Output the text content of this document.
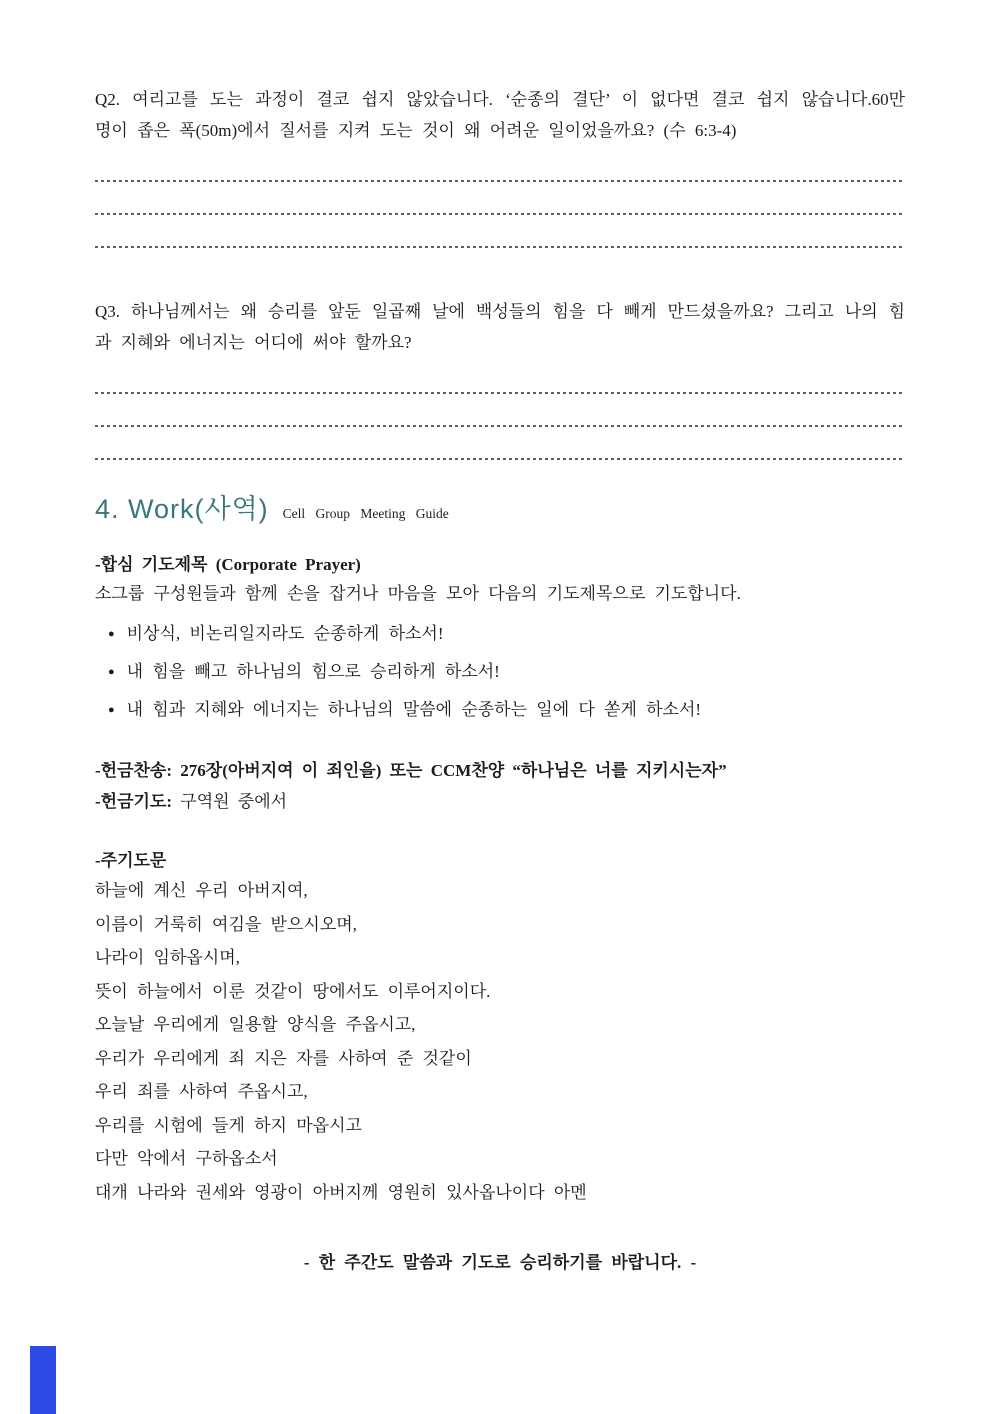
Q2. 여리고를 도는 과정이 결코 쉽지 않았습니다. ‘순종의 결단’ 이 없다면 결코 쉽지 않습니다.60만
명이 좁은 폭(50m)에서 질서를 지켜 도는 것이 왜 어려운 일이었을까요? (수 6:3-4)
Q3. 하나님께서는 왜 승리를 앞둔 일곱째 날에 백성들의 힘을 다 빼게 만드셨을까요? 그리고 나의 힘
과 지혜와 에너지는 어디에 써야 할까요?
4. Work(사역) Cell Group Meeting Guide
-합심 기도제목 (Corporate Prayer)
소그룹 구성원들과 함께 손을 잡거나 마음을 모아 다음의 기도제목으로 기도합니다.
● 비상식, 비논리일지라도 순종하게 하소서!
● 내 힘을 빼고 하나님의 힘으로 승리하게 하소서!
● 내 힘과 지혜와 에너지는 하나님의 말씀에 순종하는 일에 다 쏟게 하소서!
-헌금찬송: 276장(아버지여 이 죄인을) 또는 CCM찬양 “하나님은 너를 지키시는자”
-헌금기도: 구역원 중에서
-주기도문
하늘에 계신 우리 아버지여,
이름이 거룩히 여김을 받으시오며,
나라이 임하옵시며,
뜻이 하늘에서 이룬 것같이 땅에서도 이루어지이다.
오늘날 우리에게 일용할 양식을 주옵시고,
우리가 우리에게 죄 지은 자를 사하여 준 것같이
우리 죄를 사하여 주옵시고,
우리를 시험에 들게 하지 마옵시고
다만 악에서 구하옵소서
대개 나라와 권세와 영광이 아버지께 영원히 있사옵나이다 아멘
- 한 주간도 말씀과 기도로 승리하기를 바랍니다. -
